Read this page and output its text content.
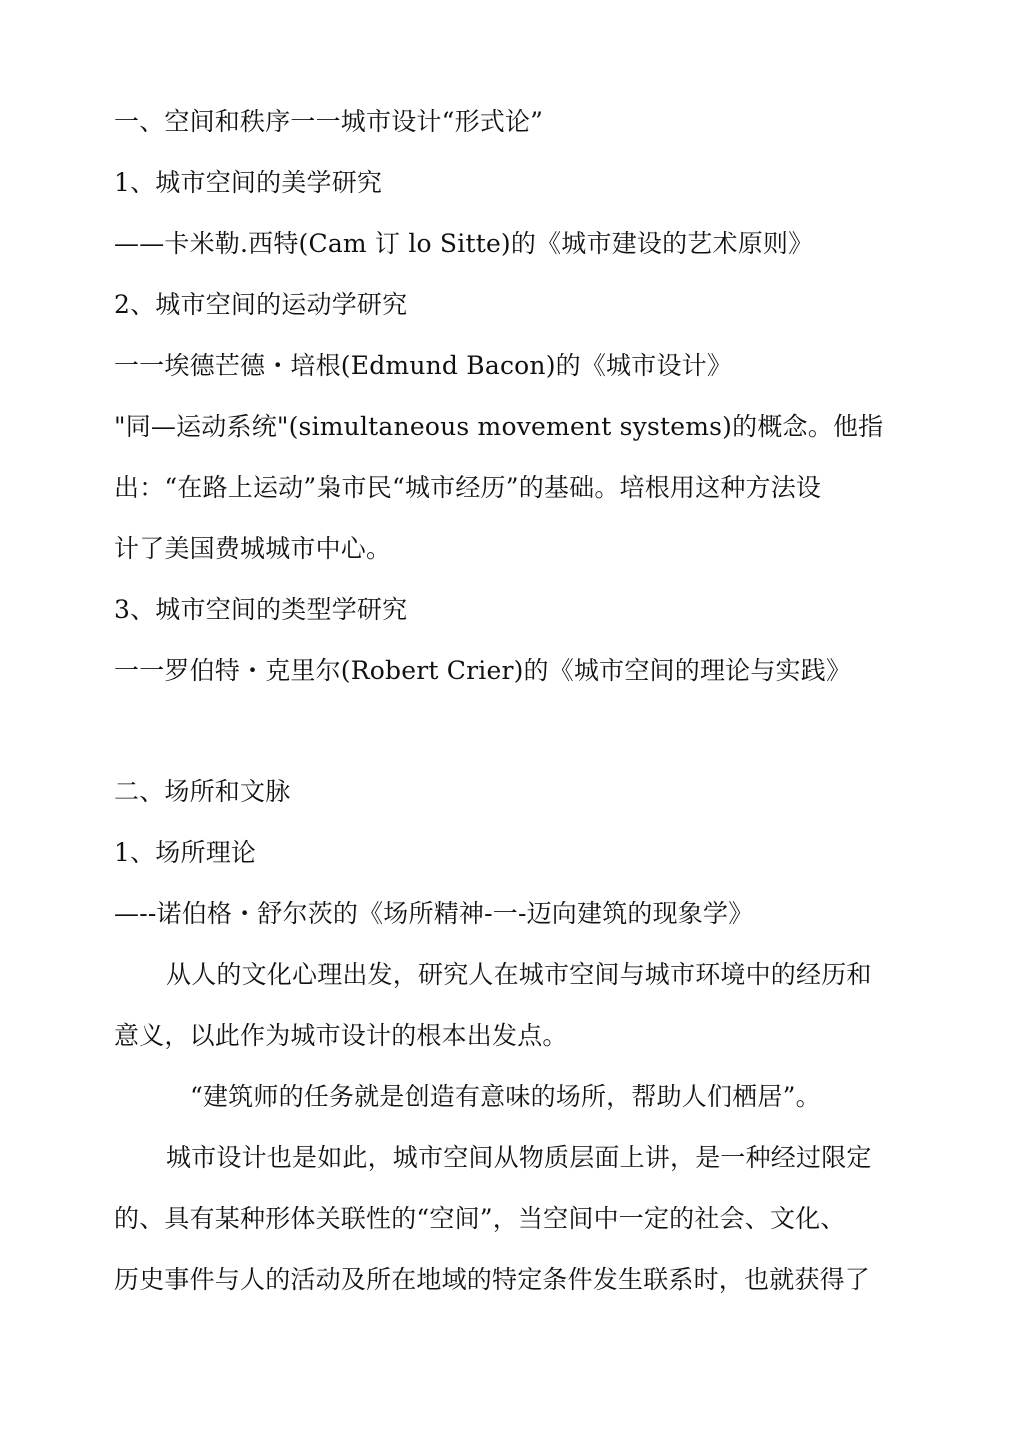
一、空间和秩序一一城市设计“形式论”
1、城市空间的美学研究
——卡米勒.西特(Cam 订 lo Sitte)的《城市建设的艺术原则》
2、城市空间的运动学研究
一一埃德芒德・培根(Edmund Bacon)的《城市设计》
"同—运动系统"(simultaneous movement systems)的概念。他指
出：“在路上运动”枭市民“城市经历”的基础。培根用这种方法设
计了美国费城城市中心。
3、城市空间的类型学研究
一一罗伯特・克里尔(Robert Crier)的《城市空间的理论与实践》
二、场所和文脉
1、场所理论
—--诺伯格・舒尔茨的《场所精神-一-迈向建筑的现象学》
从人的文化心理出发，研究人在城市空间与城市环境中的经历和
意义，以此作为城市设计的根本出发点。
“建筑师的任务就是创造有意味的场所，帮助人们栖居”。
城市设计也是如此，城市空间从物质层面上讲，是一种经过限定
的、具有某种形体关联性的“空间”，当空间中一定的社会、文化、
历史事件与人的活动及所在地域的特定条件发生联系时，也就获得了
